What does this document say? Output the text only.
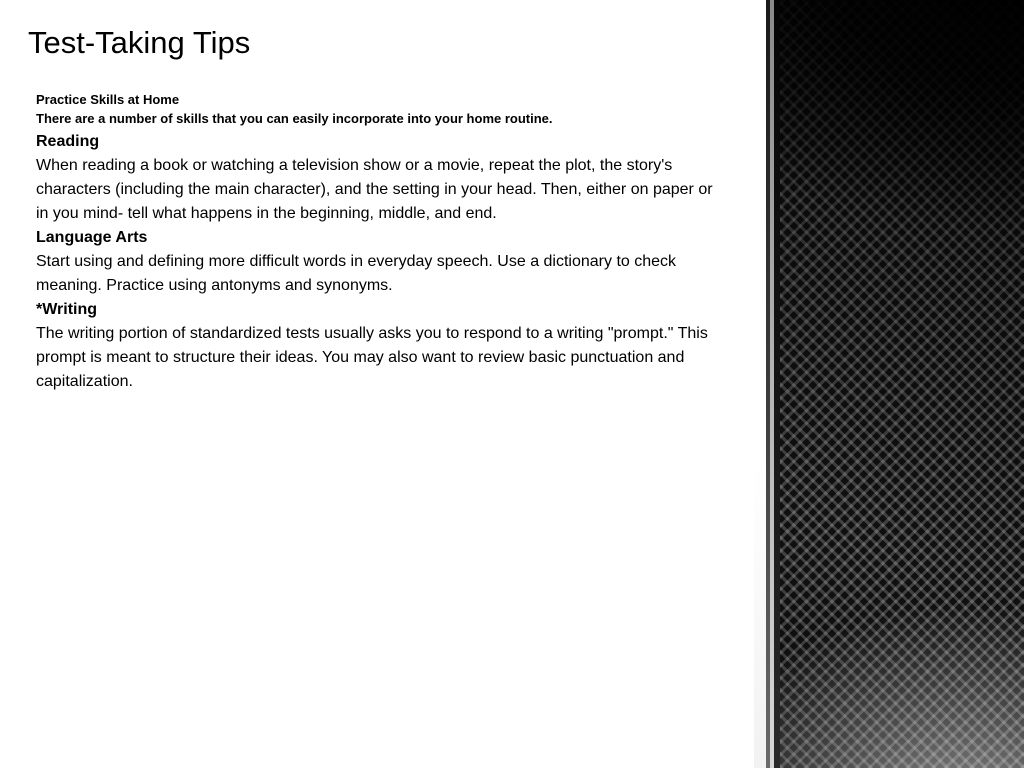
Test-Taking Tips
Practice Skills at Home
There are a number of skills that you can easily incorporate into your home routine.
Reading
When reading a book or watching a television show or a movie, repeat the plot, the story's characters (including the main character), and the setting in your head. Then, either on paper or in you mind- tell what happens in the beginning, middle, and end.
Language Arts
Start using and defining more difficult words in everyday speech. Use a dictionary to check meaning. Practice using antonyms and synonyms.
*Writing
The writing portion of standardized tests usually asks you to respond to a writing "prompt." This prompt is meant to structure their ideas. You may also want to review basic punctuation and capitalization.
